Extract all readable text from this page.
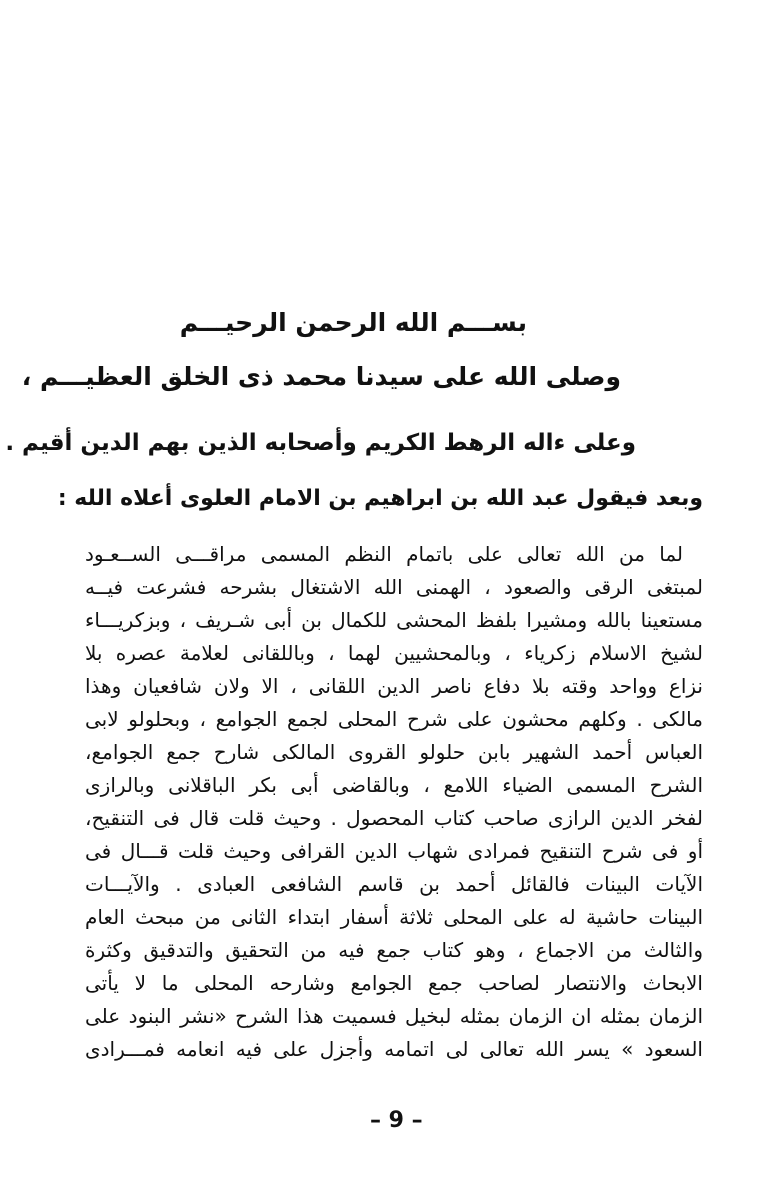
بســـم الله الرحمن الرحيـــم
وصلى الله على سيدنا محمد ذى الخلق العظيـــم ،
وعلى ءاله الرهط الكريم وأصحابه الذين بهم الدين أقيم .
وبعد فيقول عبد الله بن ابراهيم بن الامام العلوى أعلاه الله :
لما من الله تعالى على باتمام النظم المسمى مراقـــى الســعـود
لمبتغى الرقى والصعود ، الهمنى الله الاشتغال بشرحه فشرعت فيــه
مستعينا بالله ومشيرا بلفظ المحشى للكمال بن أبى شـريف ، وبزكريـــاء
لشيخ الاسلام زكرياء ، وبالمحشيين لهما ، وباللقانى لعلامة عصره بلا
نزاع وواحد وقته بلا دفاع ناصر الدين اللقانى ، الا ولان شافعيان وهذا
مالكى . وكلهم محشون على شرح المحلى لجمع الجوامع ، وبحلولو لابى
العباس أحمد الشهير بابن حلولو القروى المالكى شارح جمع الجوامع،
الشرح المسمى الضياء اللامع ، وبالقاضى أبى بكر الباقلانى وبالرازى
لفخر الدين الرازى صاحب كتاب المحصول . وحيث قلت قال فى التنقيح،
أو فى شرح التنقيح فمرادى شهاب الدين القرافى وحيث قلت قـــال فى
الآيات البينات فالقائل أحمد بن قاسم الشافعى العبادى . والآيـــات
البينات حاشية له على المحلى ثلاثة أسفار ابتداء الثانى من مبحث العام
والثالث من الاجماع ، وهو كتاب جمع فيه من التحقيق والتدقيق وكثرة
الابحاث والانتصار لصاحب جمع الجوامع وشارحه المحلى ما لا يأتى
الزمان بمثله ان الزمان بمثله لبخيل فسميت هذا الشرح «نشر البنود على
السعود » يسر الله تعالى لى اتمامه وأجزل على فيه انعامه فمـــرادى
– 9 –
